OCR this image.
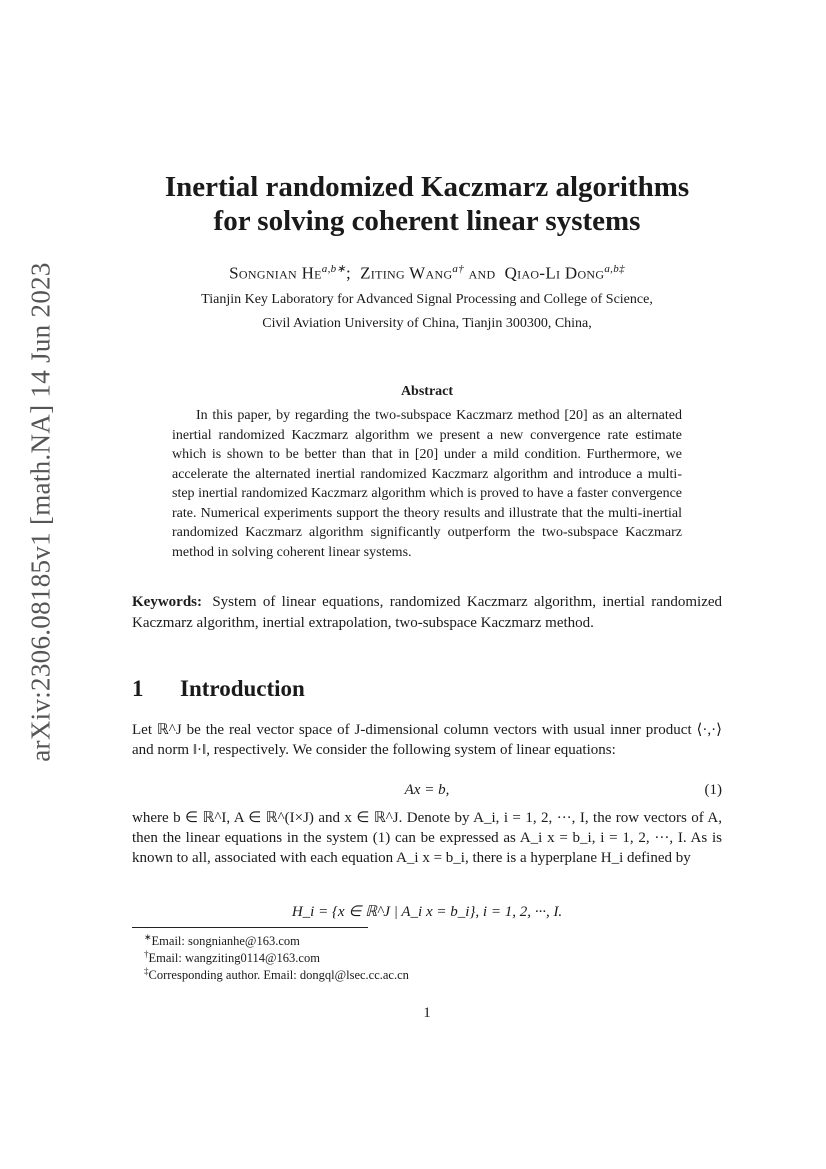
arXiv:2306.08185v1 [math.NA] 14 Jun 2023
Inertial randomized Kaczmarz algorithms
for solving coherent linear systems
Songnian $He^{a,b∗}$;  Ziting Wang$^{a\dagger}$ and  Qiao-Li Dong$^{a,b\ddagger}$
Tianjin Key Laboratory for Advanced Signal Processing and College of Science,
Civil Aviation University of China, Tianjin 300300, China,
Abstract
In this paper, by regarding the two-subspace Kaczmarz method [20] as an alternated inertial randomized Kaczmarz algorithm we present a new convergence rate estimate which is shown to be better than that in [20] under a mild condition. Furthermore, we accelerate the alternated inertial randomized Kaczmarz algorithm and introduce a multi-step inertial randomized Kaczmarz algorithm which is proved to have a faster convergence rate. Numerical experiments support the theory results and illustrate that the multi-inertial randomized Kaczmarz algorithm significantly outperform the two-subspace Kaczmarz method in solving coherent linear systems.
Keywords: System of linear equations, randomized Kaczmarz algorithm, inertial randomized Kaczmarz algorithm, inertial extrapolation, two-subspace Kaczmarz method.
1 Introduction
Let ℝ^J be the real vector space of J-dimensional column vectors with usual inner product ⟨·,·⟩ and norm ‖·‖, respectively. We consider the following system of linear equations:
Ax = b,	(1)
where b ∈ ℝ^I, A ∈ ℝ^(I×J) and x ∈ ℝ^J. Denote by A_i, i = 1, 2, ···, I, the row vectors of A, then the linear equations in the system (1) can be expressed as A_i x = b_i, i = 1, 2, ···, I. As is known to all, associated with each equation A_i x = b_i, there is a hyperplane H_i defined by
H_i = {x ∈ ℝ^J | A_i x = b_i}, i = 1, 2, ···, I.
∗Email: songnianhe@163.com
†Email: wangziting0114@163.com
‡Corresponding author. Email: dongql@lsec.cc.ac.cn
1
